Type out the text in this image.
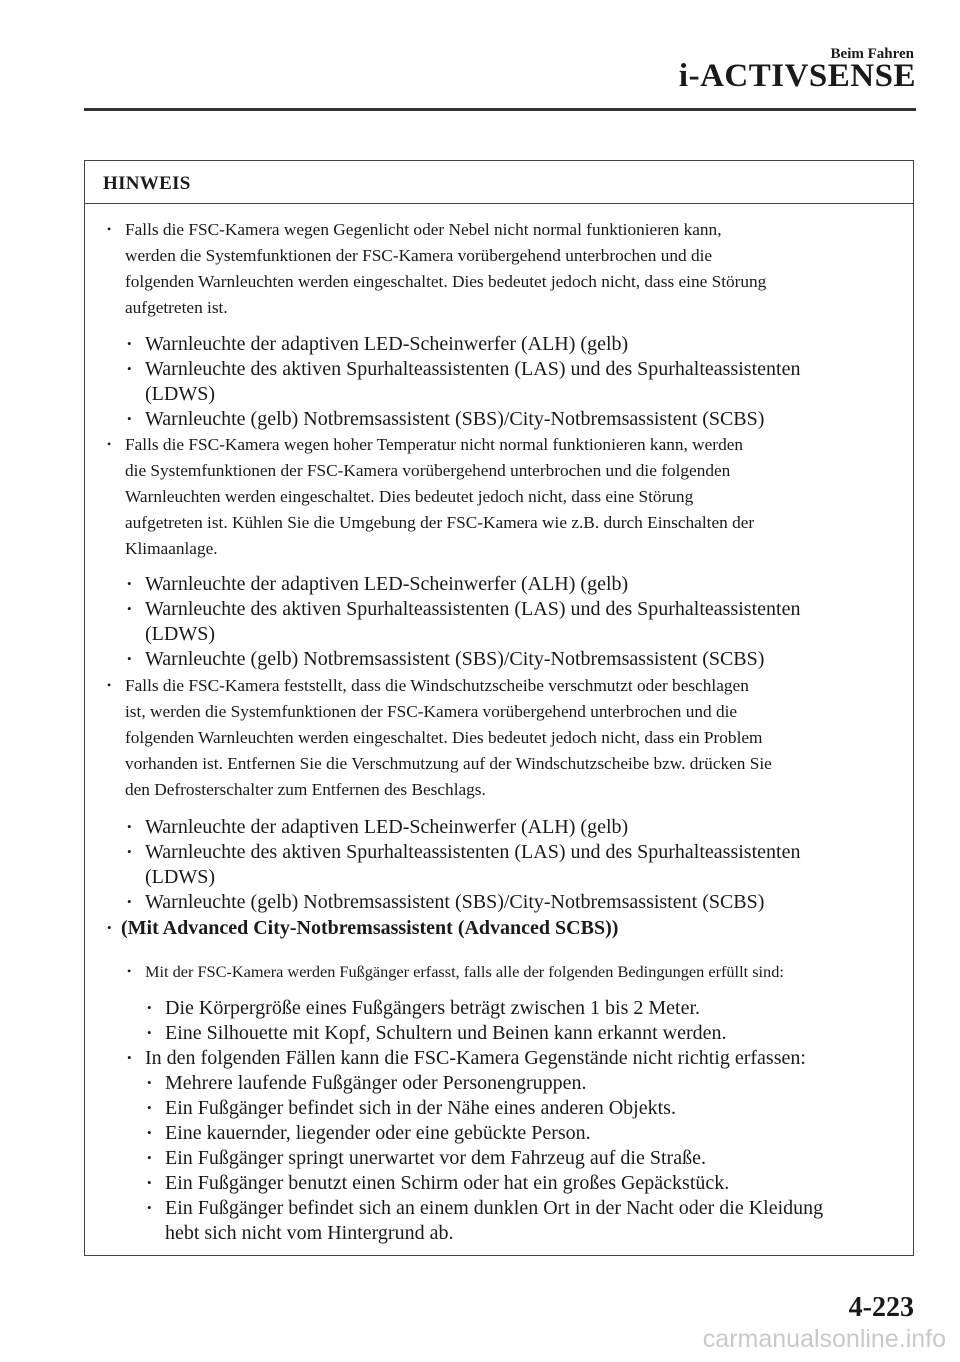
Beim Fahren
i-ACTIVSENSE
HINWEIS
• Falls die FSC-Kamera wegen Gegenlicht oder Nebel nicht normal funktionieren kann,
werden die Systemfunktionen der FSC-Kamera vorübergehend unterbrochen und die
folgenden Warnleuchten werden eingeschaltet. Dies bedeutet jedoch nicht, dass eine Störung
aufgetreten ist.
• Warnleuchte der adaptiven LED-Scheinwerfer (ALH) (gelb)
• Warnleuchte des aktiven Spurhalteassistenten (LAS) und des Spurhalteassistenten
(LDWS)
• Warnleuchte (gelb) Notbremsassistent (SBS)/City-Notbremsassistent (SCBS)
• Falls die FSC-Kamera wegen hoher Temperatur nicht normal funktionieren kann, werden
die Systemfunktionen der FSC-Kamera vorübergehend unterbrochen und die folgenden
Warnleuchten werden eingeschaltet. Dies bedeutet jedoch nicht, dass eine Störung
aufgetreten ist. Kühlen Sie die Umgebung der FSC-Kamera wie z.B. durch Einschalten der
Klimaanlage.
• Warnleuchte der adaptiven LED-Scheinwerfer (ALH) (gelb)
• Warnleuchte des aktiven Spurhalteassistenten (LAS) und des Spurhalteassistenten
(LDWS)
• Warnleuchte (gelb) Notbremsassistent (SBS)/City-Notbremsassistent (SCBS)
• Falls die FSC-Kamera feststellt, dass die Windschutzscheibe verschmutzt oder beschlagen
ist, werden die Systemfunktionen der FSC-Kamera vorübergehend unterbrochen und die
folgenden Warnleuchten werden eingeschaltet. Dies bedeutet jedoch nicht, dass ein Problem
vorhanden ist. Entfernen Sie die Verschmutzung auf der Windschutzscheibe bzw. drücken Sie
den Defrosterschalter zum Entfernen des Beschlags.
• Warnleuchte der adaptiven LED-Scheinwerfer (ALH) (gelb)
• Warnleuchte des aktiven Spurhalteassistenten (LAS) und des Spurhalteassistenten
(LDWS)
• Warnleuchte (gelb) Notbremsassistent (SBS)/City-Notbremsassistent (SCBS)
• (Mit Advanced City-Notbremsassistent (Advanced SCBS))
• Mit der FSC-Kamera werden Fußgänger erfasst, falls alle der folgenden Bedingungen erfüllt sind:
• Die Körpergröße eines Fußgängers beträgt zwischen 1 bis 2 Meter.
• Eine Silhouette mit Kopf, Schultern und Beinen kann erkannt werden.
• In den folgenden Fällen kann die FSC-Kamera Gegenstände nicht richtig erfassen:
• Mehrere laufende Fußgänger oder Personengruppen.
• Ein Fußgänger befindet sich in der Nähe eines anderen Objekts.
• Eine kauernder, liegender oder eine gebückte Person.
• Ein Fußgänger springt unerwartet vor dem Fahrzeug auf die Straße.
• Ein Fußgänger benutzt einen Schirm oder hat ein großes Gepäckstück.
• Ein Fußgänger befindet sich an einem dunklen Ort in der Nacht oder die Kleidung
hebt sich nicht vom Hintergrund ab.
4-223
carmanualsonline.info
